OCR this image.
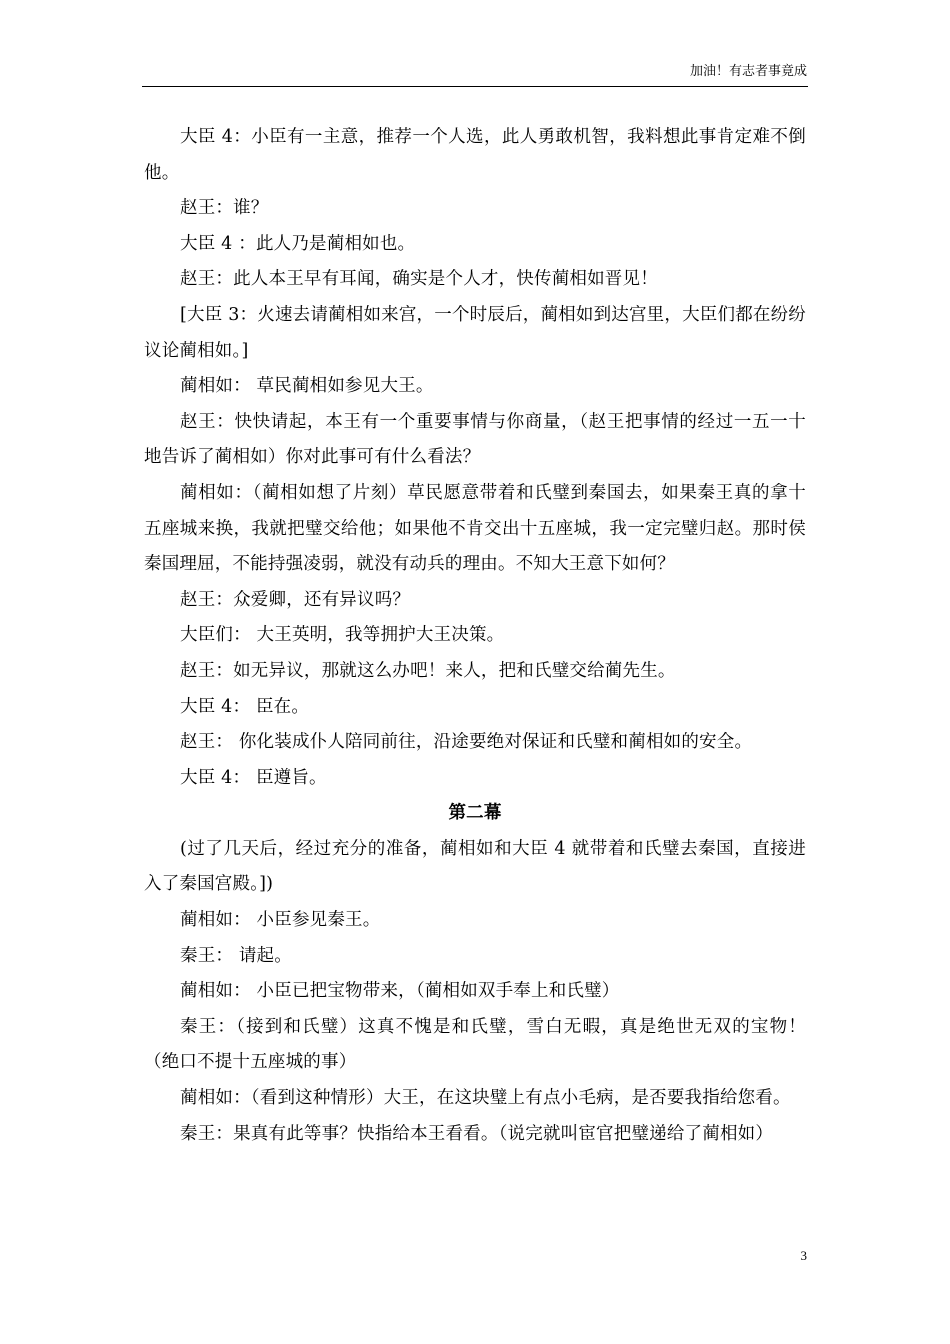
加油！有志者事竟成

大臣 4：小臣有一主意，推荐一个人选，此人勇敢机智，我料想此事肯定难不倒他。

赵王：谁？

大臣 4 ：此人乃是蔺相如也。

赵王：此人本王早有耳闻，确实是个人才，快传蔺相如晋见！

[大臣 3：火速去请蔺相如来宫，一个时辰后，蔺相如到达宫里，大臣们都在纷纷议论蔺相如。]

蔺相如： 草民蔺相如参见大王。

赵王：快快请起，本王有一个重要事情与你商量，（赵王把事情的经过一五一十地告诉了蔺相如）你对此事可有什么看法？

蔺相如：（蔺相如想了片刻）草民愿意带着和氏璧到秦国去，如果秦王真的拿十五座城来换，我就把璧交给他；如果他不肯交出十五座城，我一定完璧归赵。那时侯秦国理屈，不能持强凌弱，就没有动兵的理由。不知大王意下如何？

赵王：众爱卿，还有异议吗？

大臣们： 大王英明，我等拥护大王决策。

赵王：如无异议，那就这么办吧！来人，把和氏璧交给蔺先生。

大臣 4： 臣在。

赵王： 你化装成仆人陪同前往，沿途要绝对保证和氏璧和蔺相如的安全。

大臣 4： 臣遵旨。

第二幕

(过了几天后，经过充分的准备，蔺相如和大臣 4 就带着和氏璧去秦国，直接进入了秦国宫殿。])

蔺相如： 小臣参见秦王。

秦王： 请起。

蔺相如： 小臣已把宝物带来，（蔺相如双手奉上和氏璧）

秦王：（接到和氏璧）这真不愧是和氏璧，雪白无暇，真是绝世无双的宝物！（绝口不提十五座城的事）

蔺相如：（看到这种情形）大王，在这块璧上有点小毛病，是否要我指给您看。

秦王：果真有此等事？快指给本王看看。（说完就叫宦官把璧递给了蔺相如）

3
